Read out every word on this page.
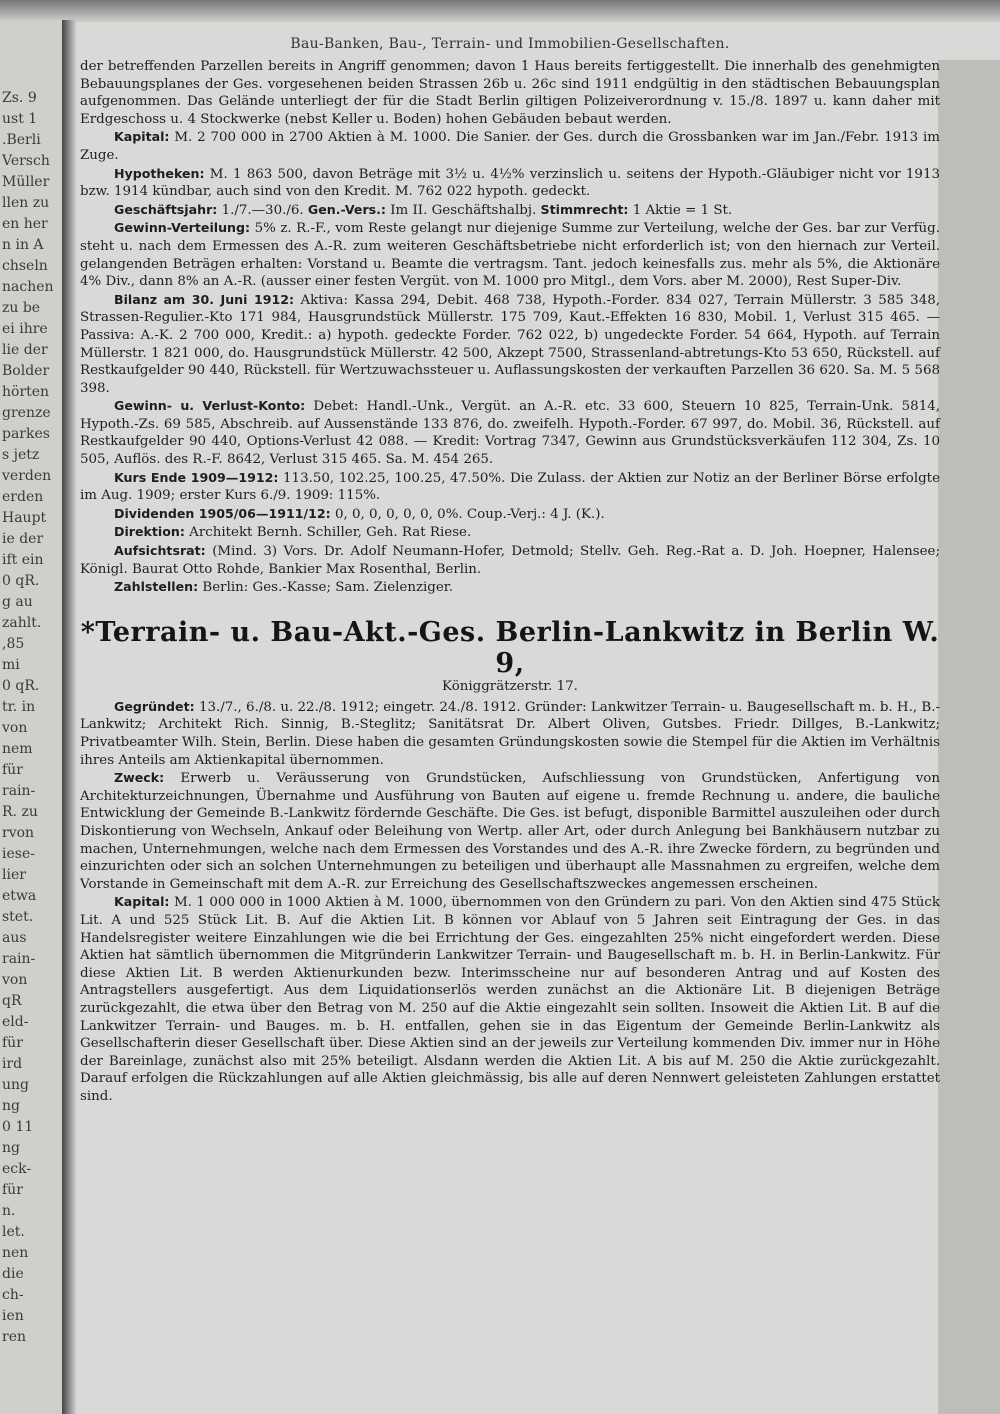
Zs. 9
ust 1
.Berli
Versch
Müller
llen zu
en her
n in A
chseln
nachen
zu be
ei ihre
lie der
Bolder
hörten
grenze
parkes
s jetz
verden
erden
Haupt
ie der
ift ein
0 qR.
g au
zahlt.
,85
mi
0 qR.
tr. in
von
nem
für
rain-
R. zu
rvon
iese-
lier
etwa
stet.
aus
rain-
von
qR
eld-
für
ird
ung
ng
0 11
ng
eck-
für
n.
let.
nen
die
ch-
ien
ren
Bau-Banken, Bau-, Terrain- und Immobilien-Gesellschaften.

der betreffenden Parzellen bereits in Angriff genommen; davon 1 Haus bereits fertiggestellt. Die innerhalb des genehmigten Bebauungsplanes der Ges. vorgesehenen beiden Strassen 26b u. 26c sind 1911 endgültig in den städtischen Bebauungsplan aufgenommen. Das Gelände unterliegt der für die Stadt Berlin giltigen Polizeiverordnung v. 15./8. 1897 u. kann daher mit Erdgeschoss u. 4 Stockwerke (nebst Keller u. Boden) hohen Gebäuden bebaut werden.

Kapital: M. 2 700 000 in 2700 Aktien à M. 1000. Die Sanier. der Ges. durch die Grossbanken war im Jan./Febr. 1913 im Zuge.

Hypotheken: M. 1 863 500, davon Beträge mit 3½ u. 4½% verzinslich u. seitens der Hypoth.-Gläubiger nicht vor 1913 bzw. 1914 kündbar, auch sind von den Kredit. M. 762 022 hypoth. gedeckt.

Geschäftsjahr: 1./7.—30./6. Gen.-Vers.: Im II. Geschäftshalbj. Stimmrecht: 1 Aktie = 1 St.

Gewinn-Verteilung: 5% z. R.-F., vom Reste gelangt nur diejenige Summe zur Verteilung, welche der Ges. bar zur Verfüg. steht u. nach dem Ermessen des A.-R. zum weiteren Geschäftsbetriebe nicht erforderlich ist; von den hiernach zur Verteil. gelangenden Beträgen erhalten: Vorstand u. Beamte die vertragsm. Tant. jedoch keinesfalls zus. mehr als 5%, die Aktionäre 4% Div., dann 8% an A.-R. (ausser einer festen Vergüt. von M. 1000 pro Mitgl., dem Vors. aber M. 2000), Rest Super-Div.

Bilanz am 30. Juni 1912: Aktiva: Kassa 294, Debit. 468 738, Hypoth.-Forder. 834 027, Terrain Müllerstr. 3 585 348, Strassen-Regulier.-Kto 171 984, Hausgrundstück Müllerstr. 175 709, Kaut.-Effekten 16 830, Mobil. 1, Verlust 315 465. — Passiva: A.-K. 2 700 000, Kredit.: a) hypoth. gedeckte Forder. 762 022, b) ungedeckte Forder. 54 664, Hypoth. auf Terrain Müllerstr. 1 821 000, do. Hausgrundstück Müllerstr. 42 500, Akzept 7500, Strassenland-abtretungs-Kto 53 650, Rückstell. auf Restkaufgelder 90 440, Rückstell. für Wertzuwachssteuer u. Auflassungskosten der verkauften Parzellen 36 620. Sa. M. 5 568 398.

Gewinn- u. Verlust-Konto: Debet: Handl.-Unk., Vergüt. an A.-R. etc. 33 600, Steuern 10 825, Terrain-Unk. 5814, Hypoth.-Zs. 69 585, Abschreib. auf Aussenstände 133 876, do. zweifelh. Hypoth.-Forder. 67 997, do. Mobil. 36, Rückstell. auf Restkaufgelder 90 440, Options-Verlust 42 088. — Kredit: Vortrag 7347, Gewinn aus Grundstücksverkäufen 112 304, Zs. 10 505, Auflös. des R.-F. 8642, Verlust 315 465. Sa. M. 454 265.

Kurs Ende 1909—1912: 113.50, 102.25, 100.25, 47.50%. Die Zulass. der Aktien zur Notiz an der Berliner Börse erfolgte im Aug. 1909; erster Kurs 6./9. 1909: 115%.

Dividenden 1905/06—1911/12: 0, 0, 0, 0, 0, 0, 0%. Coup.-Verj.: 4 J. (K.).

Direktion: Architekt Bernh. Schiller, Geh. Rat Riese.

Aufsichtsrat: (Mind. 3) Vors. Dr. Adolf Neumann-Hofer, Detmold; Stellv. Geh. Reg.-Rat a. D. Joh. Hoepner, Halensee; Königl. Baurat Otto Rohde, Bankier Max Rosenthal, Berlin.

Zahlstellen: Berlin: Ges.-Kasse; Sam. Zielenziger.

*Terrain- u. Bau-Akt.-Ges. Berlin-Lankwitz in Berlin W. 9,
Königgrätzerstr. 17.

Gegründet: 13./7., 6./8. u. 22./8. 1912; eingetr. 24./8. 1912. Gründer: Lankwitzer Terrain- u. Baugesellschaft m. b. H., B.-Lankwitz; Architekt Rich. Sinnig, B.-Steglitz; Sanitätsrat Dr. Albert Oliven, Gutsbes. Friedr. Dillges, B.-Lankwitz; Privatbeamter Wilh. Stein, Berlin. Diese haben die gesamten Gründungskosten sowie die Stempel für die Aktien im Verhältnis ihres Anteils am Aktienkapital übernommen.

Zweck: Erwerb u. Veräusserung von Grundstücken, Aufschliessung von Grundstücken, Anfertigung von Architekturzeichnungen, Übernahme und Ausführung von Bauten auf eigene u. fremde Rechnung u. andere, die bauliche Entwicklung der Gemeinde B.-Lankwitz fördernde Geschäfte. Die Ges. ist befugt, disponible Barmittel auszuleihen oder durch Diskontierung von Wechseln, Ankauf oder Beleihung von Wertp. aller Art, oder durch Anlegung bei Bankhäusern nutzbar zu machen, Unternehmungen, welche nach dem Ermessen des Vorstandes und des A.-R. ihre Zwecke fördern, zu begründen und einzurichten oder sich an solchen Unternehmungen zu beteiligen und überhaupt alle Massnahmen zu ergreifen, welche dem Vorstande in Gemeinschaft mit dem A.-R. zur Erreichung des Gesellschaftszweckes angemessen erscheinen.

Kapital: M. 1 000 000 in 1000 Aktien à M. 1000, übernommen von den Gründern zu pari. Von den Aktien sind 475 Stück Lit. A und 525 Stück Lit. B. Auf die Aktien Lit. B können vor Ablauf von 5 Jahren seit Eintragung der Ges. in das Handelsregister weitere Einzahlungen wie die bei Errichtung der Ges. eingezahlten 25% nicht eingefordert werden. Diese Aktien hat sämtlich übernommen die Mitgründerin Lankwitzer Terrain- und Baugesellschaft m. b. H. in Berlin-Lankwitz. Für diese Aktien Lit. B werden Aktienurkunden bezw. Interimsscheine nur auf besonderen Antrag und auf Kosten des Antragstellers ausgefertigt. Aus dem Liquidationserlös werden zunächst an die Aktionäre Lit. B diejenigen Beträge zurückgezahlt, die etwa über den Betrag von M. 250 auf die Aktie eingezahlt sein sollten. Insoweit die Aktien Lit. B auf die Lankwitzer Terrain- und Bauges. m. b. H. entfallen, gehen sie in das Eigentum der Gemeinde Berlin-Lankwitz als Gesellschafterin dieser Gesellschaft über. Diese Aktien sind an der jeweils zur Verteilung kommenden Div. immer nur in Höhe der Bareinlage, zunächst also mit 25% beteiligt. Alsdann werden die Aktien Lit. A bis auf M. 250 die Aktie zurückgezahlt. Darauf erfolgen die Rückzahlungen auf alle Aktien gleichmässig, bis alle auf deren Nennwert geleisteten Zahlungen erstattet sind.
